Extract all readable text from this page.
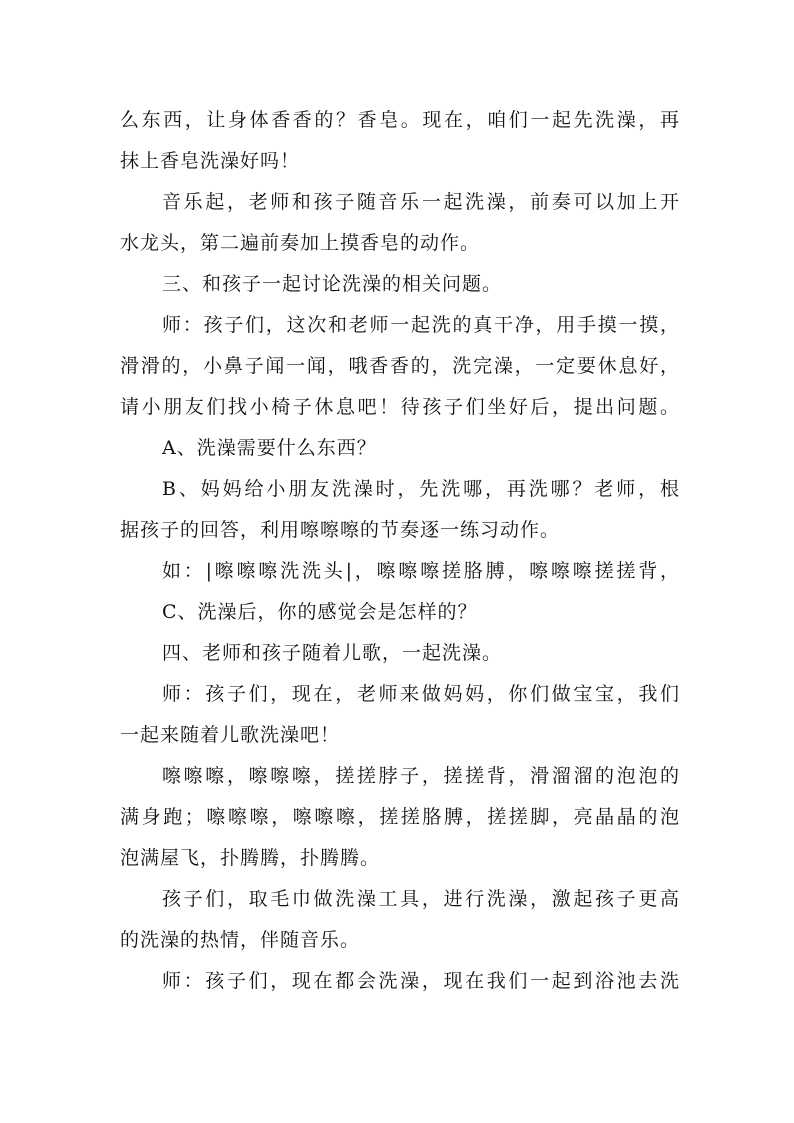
么东西，让身体香香的？香皂。现在，咱们一起先洗澡，再
抹上香皂洗澡好吗！
音乐起，老师和孩子随音乐一起洗澡，前奏可以加上开
水龙头，第二遍前奏加上摸香皂的动作。
三、和孩子一起讨论洗澡的相关问题。
师：孩子们，这次和老师一起洗的真干净，用手摸一摸，
滑滑的，小鼻子闻一闻，哦香香的，洗完澡，一定要休息好，
请小朋友们找小椅子休息吧！待孩子们坐好后，提出问题。
A、洗澡需要什么东西？
B、妈妈给小朋友洗澡时，先洗哪，再洗哪？老师，根
据孩子的回答，利用嚓嚓嚓的节奏逐一练习动作。
如：|嚓嚓嚓洗洗头|，嚓嚓嚓搓胳膊，嚓嚓嚓搓搓背，
C、洗澡后，你的感觉会是怎样的？
四、老师和孩子随着儿歌，一起洗澡。
师：孩子们，现在，老师来做妈妈，你们做宝宝，我们
一起来随着儿歌洗澡吧！
嚓嚓嚓，嚓嚓嚓，搓搓脖子，搓搓背，滑溜溜的泡泡的
满身跑；嚓嚓嚓，嚓嚓嚓，搓搓胳膊，搓搓脚，亮晶晶的泡
泡满屋飞，扑腾腾，扑腾腾。
孩子们，取毛巾做洗澡工具，进行洗澡，激起孩子更高
的洗澡的热情，伴随音乐。
师：孩子们，现在都会洗澡，现在我们一起到浴池去洗
